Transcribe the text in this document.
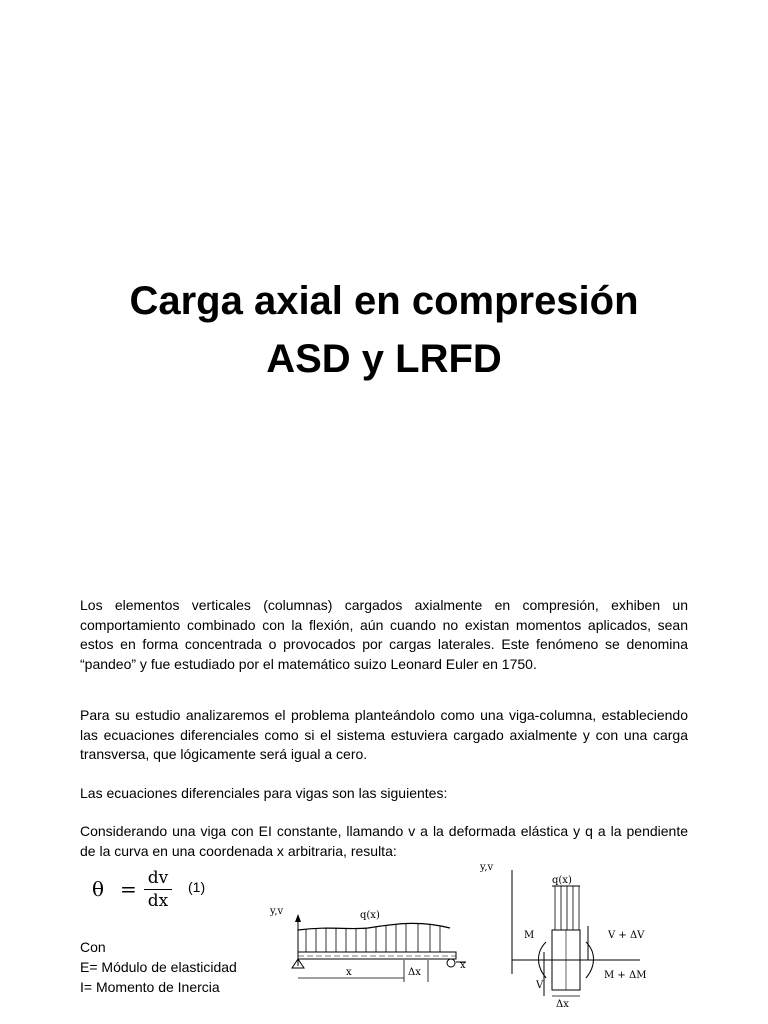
Carga axial en compresión
ASD y LRFD
Los elementos verticales (columnas) cargados axialmente en compresión, exhiben un comportamiento combinado con la flexión, aún cuando no existan momentos aplicados, sean estos en forma concentrada o provocados por cargas laterales. Este fenómeno se denomina “pandeo” y fue estudiado por el matemático suizo Leonard Euler en 1750.
Para su estudio analizaremos el problema planteándolo como una viga-columna, estableciendo las ecuaciones diferenciales como si el sistema estuviera cargado axialmente y con una carga transversa, que lógicamente será igual a cero.
Las ecuaciones diferenciales para vigas son las siguientes:
Considerando una viga con EI constante, llamando v a la deformada elástica y q a la pendiente de la curva en una coordenada x arbitraria, resulta:
θ = dv
dx
(1)
Con
E= Módulo de elasticidad
I= Momento de Inercia
y,v	q(x)
x
x	Δx
y,v
q(x)
M
V
V + ΔV
M + ΔM
Δx
